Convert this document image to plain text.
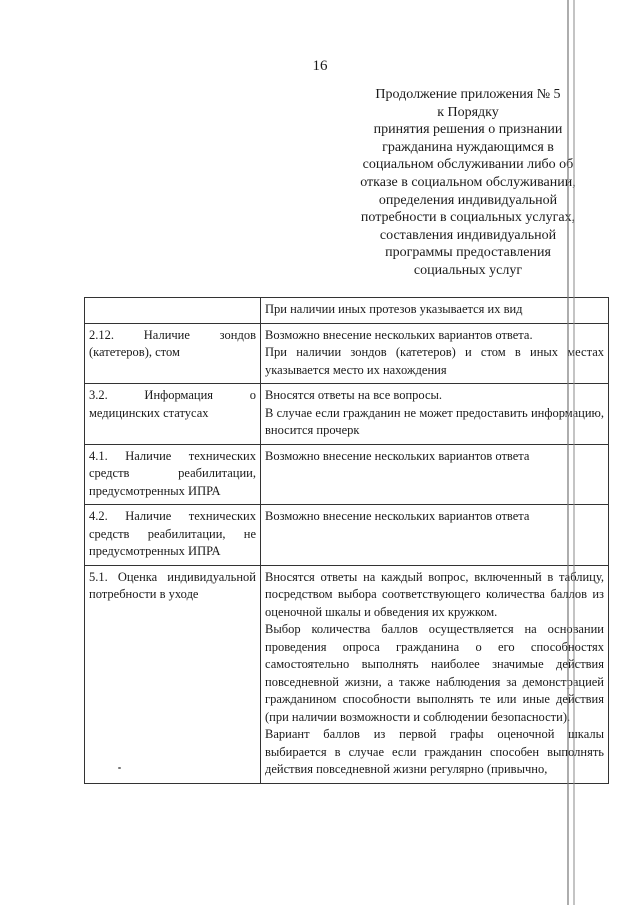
16
Продолжение приложения № 5
к Порядку
принятия решения о признании
гражданина нуждающимся в
социальном обслуживании либо об
отказе в социальном обслуживании,
определения индивидуальной
потребности в социальных услугах,
составления индивидуальной
программы предоставления
социальных услуг

	При наличии иных протезов указывается их вид

2.12. Наличие зондов (катетеров), стом	Возможно внесение нескольких вариантов ответа.

При наличии зондов (катетеров) и стом в иных местах указывается место их нахождения

3.2. Информация о медицинских статусах	Вносятся ответы на все вопросы.

В случае если гражданин не может предоставить информацию, вносится прочерк

4.1. Наличие технических средств реабилитации, предусмотренных ИПРА	Возможно внесение нескольких вариантов ответа

4.2. Наличие технических средств реабилитации, не предусмотренных ИПРА	Возможно внесение нескольких вариантов ответа

5.1. Оценка индивидуальной потребности в уходе	Вносятся ответы на каждый вопрос, включенный в таблицу, посредством выбора соответствующего количества баллов из оценочной шкалы и обведения их кружком.

Выбор количества баллов осуществляется на основании проведения опроса гражданина о его способностях самостоятельно выполнять наиболее значимые действия повседневной жизни, а также наблюдения за демонстрацией гражданином способности выполнять те или иные действия (при наличии возможности и соблюдении безопасности).

Вариант баллов из первой графы оценочной шкалы выбирается в случае если гражданин способен выполнять действия повседневной жизни регулярно (привычно,
